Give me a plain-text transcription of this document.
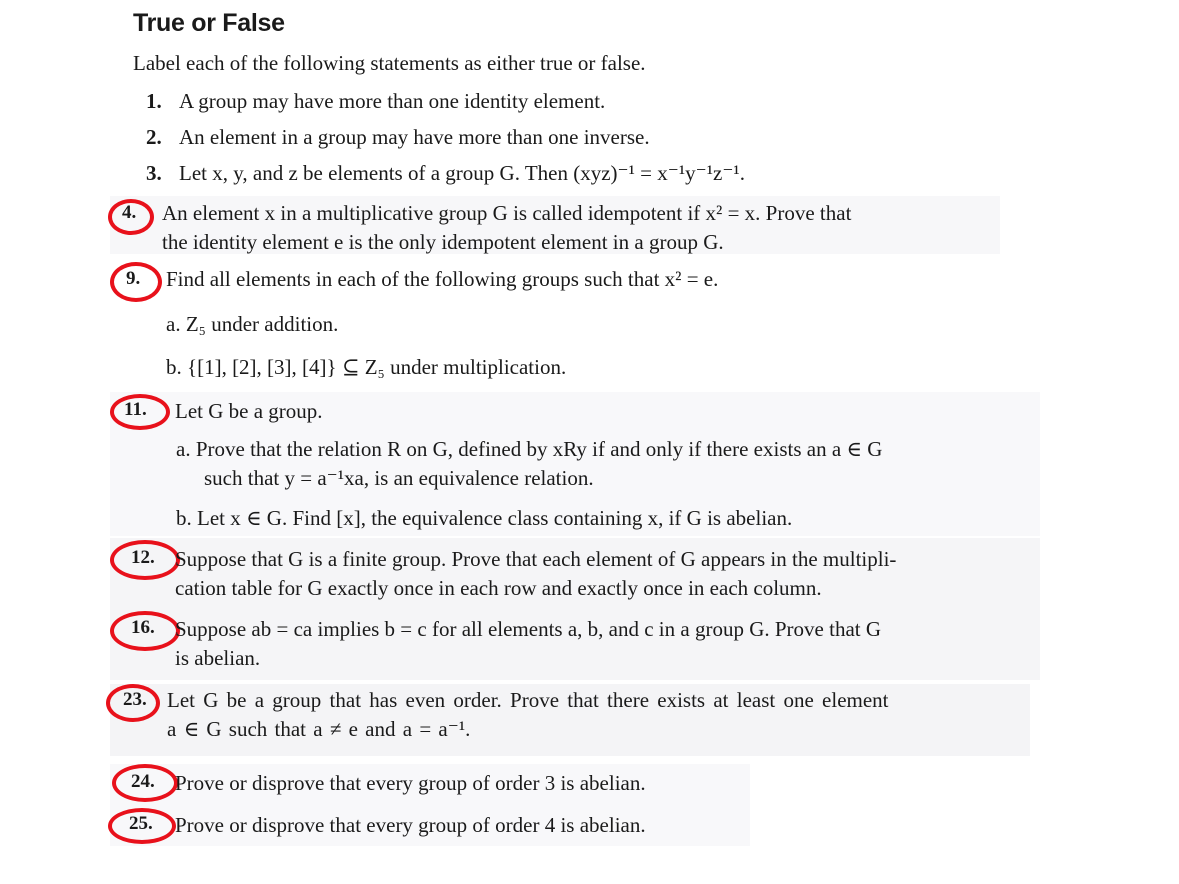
True or False
Label each of the following statements as either true or false.
1. A group may have more than one identity element.
2. An element in a group may have more than one inverse.
3. Let x, y, and z be elements of a group G. Then (xyz)⁻¹ = x⁻¹y⁻¹z⁻¹.
4. An element x in a multiplicative group G is called idempotent if x² = x. Prove that
the identity element e is the only idempotent element in a group G.
9. Find all elements in each of the following groups such that x² = e.
a. Z₅ under addition.
b. {[1], [2], [3], [4]} ⊆ Z₅ under multiplication.
11. Let G be a group.
a. Prove that the relation R on G, defined by xRy if and only if there exists an a ∈ G
such that y = a⁻¹xa, is an equivalence relation.
b. Let x ∈ G. Find [x], the equivalence class containing x, if G is abelian.
12. Suppose that G is a finite group. Prove that each element of G appears in the multipli-
cation table for G exactly once in each row and exactly once in each column.
16. Suppose ab = ca implies b = c for all elements a, b, and c in a group G. Prove that G
is abelian.
23. Let G be a group that has even order. Prove that there exists at least one element
a ∈ G such that a ≠ e and a = a⁻¹.
24. Prove or disprove that every group of order 3 is abelian.
25. Prove or disprove that every group of order 4 is abelian.
